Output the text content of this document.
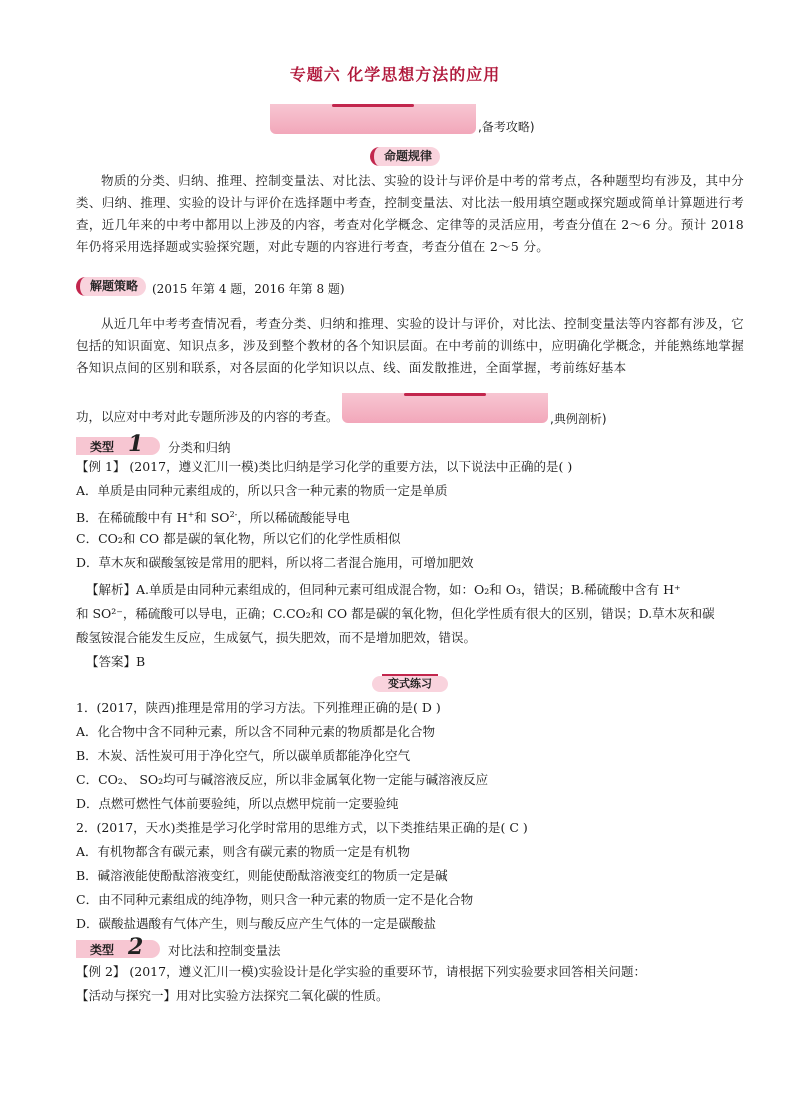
专题六 化学思想方法的应用
,备考攻略)
命题规律

物质的分类、归纳、推理、控制变量法、对比法、实验的设计与评价是中考的常考点，各种题型均有涉及，其中分类、归纳、推理、实验的设计与评价在选择题中考查，控制变量法、对比法一般用填空题或探究题或简单计算题进行考查，近几年来的中考中都用以上涉及的内容，考查对化学概念、定律等的灵活应用，考查分值在 2～6 分。预计 2018 年仍将采用选择题或实验探究题，对此专题的内容进行考查，考查分值在 2～5 分。

解题策略	(2015 年第 4 题，2016 年第 8 题)

从近几年中考考查情况看，考查分类、归纳和推理、实验的设计与评价，对比法、控制变量法等内容都有涉及，它包括的知识面宽、知识点多，涉及到整个教材的各个知识层面。在中考前的训练中，应明确化学概念，并能熟练地掌握各知识点间的区别和联系，对各层面的化学知识以点、线、面发散推进，全面掌握，考前练好基本

功，以应对中考对此专题所涉及的内容的考查。	,典例剖析)
类型 1 分类和归纳
【例 1】 (2017，遵义汇川一模)类比归纳是学习化学的重要方法，以下说法中正确的是( )
A．单质是由同种元素组成的，所以只含一种元素的物质一定是单质
B．在稀硫酸中有 H+和 $SO^{2-}$，所以稀硫酸能导电
C．CO₂和 CO 都是碳的氧化物，所以它们的化学性质相似
D．草木灰和碳酸氢铵是常用的肥料，所以将二者混合施用，可增加肥效
【解析】A.单质是由同种元素组成的，但同种元素可组成混合物，如：O₂和 O₃，错误；B.稀硫酸中含有 H⁺
和 SO²⁻，稀硫酸可以导电，正确；C.CO₂和 CO 都是碳的氧化物，但化学性质有很大的区别，错误；D.草木灰和碳
酸氢铵混合能发生反应，生成氨气，损失肥效，而不是增加肥效，错误。
【答案】B
变式练习
1．(2017，陕西)推理是常用的学习方法。下列推理正确的是( D )
A．化合物中含不同种元素，所以含不同种元素的物质都是化合物
B．木炭、活性炭可用于净化空气，所以碳单质都能净化空气
C．CO₂、 SO₂均可与碱溶液反应，所以非金属氧化物一定能与碱溶液反应
D．点燃可燃性气体前要验纯，所以点燃甲烷前一定要验纯
2．(2017，天水)类推是学习化学时常用的思维方式，以下类推结果正确的是( C )
A．有机物都含有碳元素，则含有碳元素的物质一定是有机物
B．碱溶液能使酚酞溶液变红，则能使酚酞溶液变红的物质一定是碱
C．由不同种元素组成的纯净物，则只含一种元素的物质一定不是化合物
D．碳酸盐遇酸有气体产生，则与酸反应产生气体的一定是碳酸盐
类型 2 对比法和控制变量法
【例 2】 (2017，遵义汇川一模)实验设计是化学实验的重要环节，请根据下列实验要求回答相关问题：
【活动与探究一】用对比实验方法探究二氧化碳的性质。
